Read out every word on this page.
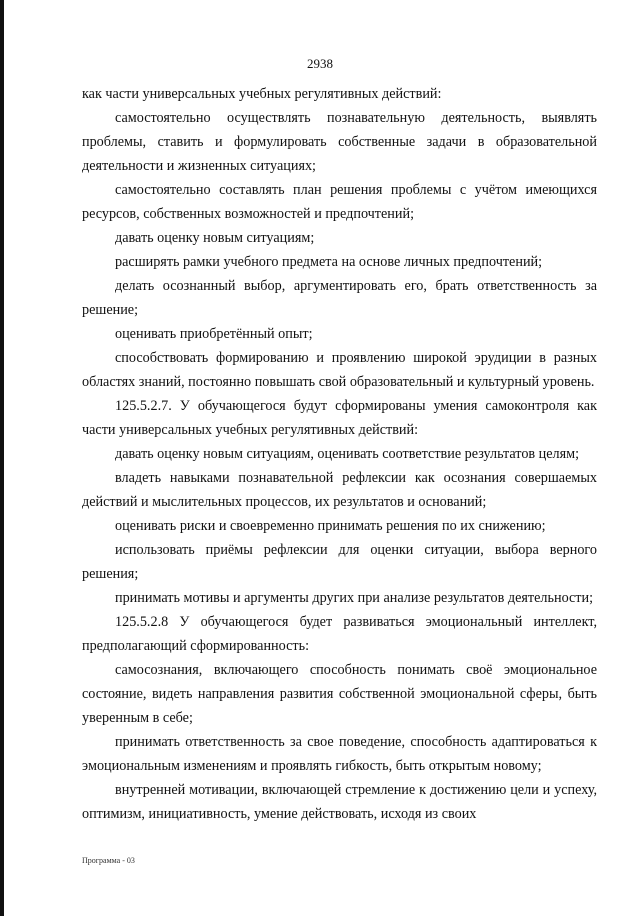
2938

как части универсальных учебных регулятивных действий:

самостоятельно осуществлять познавательную деятельность, выявлять проблемы, ставить и формулировать собственные задачи в образовательной деятельности и жизненных ситуациях;

самостоятельно составлять план решения проблемы с учётом имеющихся ресурсов, собственных возможностей и предпочтений;

давать оценку новым ситуациям;

расширять рамки учебного предмета на основе личных предпочтений;

делать осознанный выбор, аргументировать его, брать ответственность за решение;

оценивать приобретённый опыт;

способствовать формированию и проявлению широкой эрудиции в разных областях знаний, постоянно повышать свой образовательный и культурный уровень.

125.5.2.7. У обучающегося будут сформированы умения самоконтроля как части универсальных учебных регулятивных действий:

давать оценку новым ситуациям, оценивать соответствие результатов целям;

владеть навыками познавательной рефлексии как осознания совершаемых действий и мыслительных процессов, их результатов и оснований;

оценивать риски и своевременно принимать решения по их снижению;

использовать приёмы рефлексии для оценки ситуации, выбора верного решения;

принимать мотивы и аргументы других при анализе результатов деятельности;

125.5.2.8 У обучающегося будет развиваться эмоциональный интеллект, предполагающий сформированность:

самосознания, включающего способность понимать своё эмоциональное состояние, видеть направления развития собственной эмоциональной сферы, быть уверенным в себе;

принимать ответственность за свое поведение, способность адаптироваться к эмоциональным изменениям и проявлять гибкость, быть открытым новому;

внутренней мотивации, включающей стремление к достижению цели и успеху, оптимизм, инициативность, умение действовать, исходя из своих

Программа - 03
